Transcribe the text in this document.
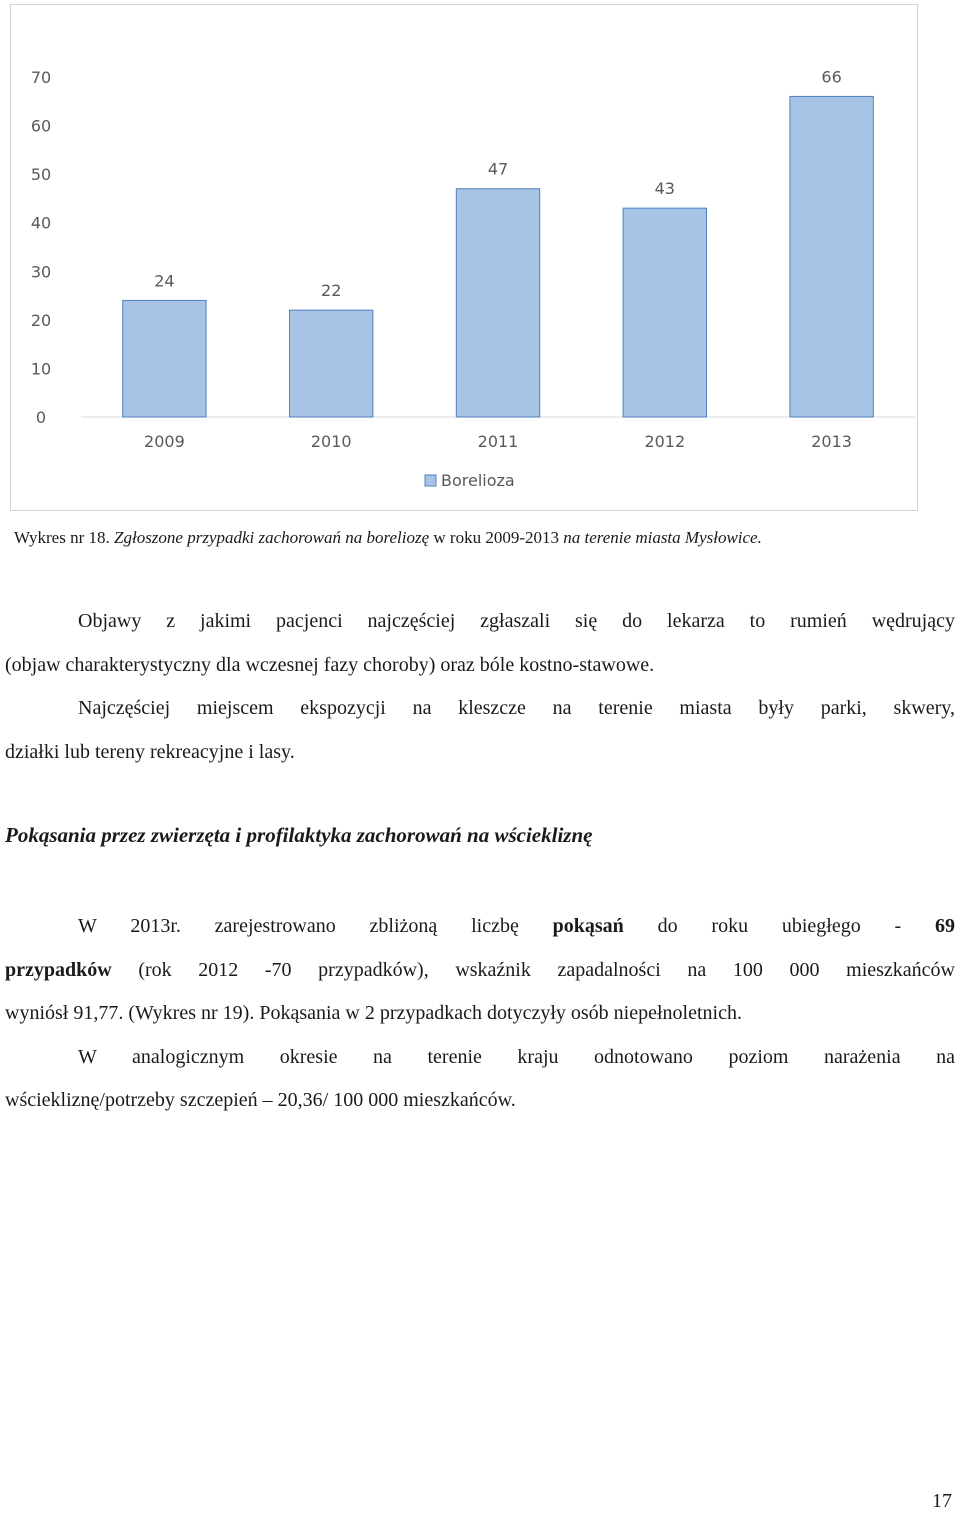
0
10
20
30
40
50
60
70
24
2009
22
2010
47
2011
43
2012
66
2013
Borelioza
Wykres nr 18. Zgłoszone przypadki zachorowań na boreliozę w roku 2009-2013 na terenie miasta Mysłowice.
Objawy z jakimi pacjenci najczęściej zgłaszali się do lekarza to rumień wędrujący
(objaw charakterystyczny dla wczesnej fazy choroby) oraz bóle kostno-stawowe.
Najczęściej miejscem ekspozycji na kleszcze na terenie miasta były parki, skwery,
działki lub tereny rekreacyjne i lasy.
Pokąsania przez zwierzęta i profilaktyka zachorowań na wściekliznę
W 2013r. zarejestrowano zbliżoną liczbę pokąsań do roku ubiegłego - 69
przypadków (rok 2012 -70 przypadków), wskaźnik zapadalności na 100 000 mieszkańców
wyniósł 91,77. (Wykres nr 19). Pokąsania w 2 przypadkach dotyczyły osób niepełnoletnich.
W analogicznym okresie na terenie kraju odnotowano poziom narażenia na
wściekliznę/potrzeby szczepień – 20,36/ 100 000 mieszkańców.
17
